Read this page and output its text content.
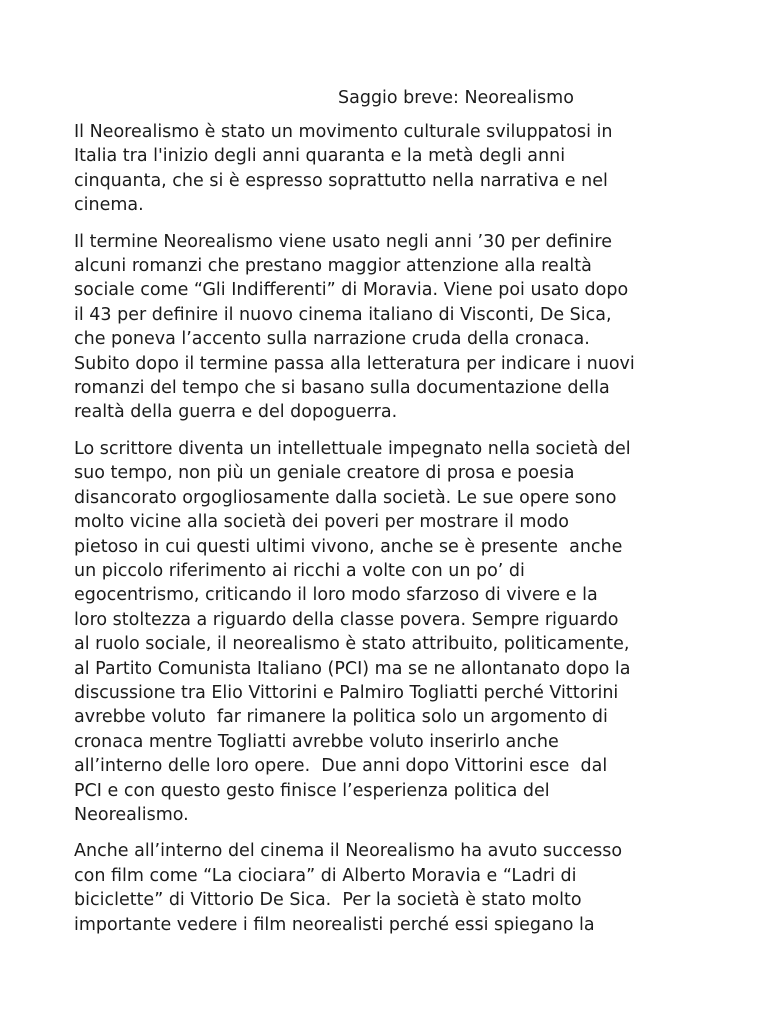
Saggio breve: Neorealismo

Il Neorealismo è stato un movimento culturale sviluppatosi in
Italia tra l'inizio degli anni quaranta e la metà degli anni
cinquanta, che si è espresso soprattutto nella narrativa e nel
cinema.

Il termine Neorealismo viene usato negli anni ’30 per definire
alcuni romanzi che prestano maggior attenzione alla realtà
sociale come “Gli Indifferenti” di Moravia. Viene poi usato dopo
il 43 per definire il nuovo cinema italiano di Visconti, De Sica,
che poneva l’accento sulla narrazione cruda della cronaca.
Subito dopo il termine passa alla letteratura per indicare i nuovi
romanzi del tempo che si basano sulla documentazione della
realtà della guerra e del dopoguerra.

Lo scrittore diventa un intellettuale impegnato nella società del
suo tempo, non più un geniale creatore di prosa e poesia
disancorato orgogliosamente dalla società. Le sue opere sono
molto vicine alla società dei poveri per mostrare il modo
pietoso in cui questi ultimi vivono, anche se è presente  anche
un piccolo riferimento ai ricchi a volte con un po’ di
egocentrismo, criticando il loro modo sfarzoso di vivere e la
loro stoltezza a riguardo della classe povera. Sempre riguardo
al ruolo sociale, il neorealismo è stato attribuito, politicamente,
al Partito Comunista Italiano (PCI) ma se ne allontanato dopo la
discussione tra Elio Vittorini e Palmiro Togliatti perché Vittorini
avrebbe voluto  far rimanere la politica solo un argomento di
cronaca mentre Togliatti avrebbe voluto inserirlo anche
all’interno delle loro opere.  Due anni dopo Vittorini esce  dal
PCI e con questo gesto finisce l’esperienza politica del
Neorealismo.

Anche all’interno del cinema il Neorealismo ha avuto successo
con film come “La ciociara” di Alberto Moravia e “Ladri di
biciclette” di Vittorio De Sica.  Per la società è stato molto
importante vedere i film neorealisti perché essi spiegano la
